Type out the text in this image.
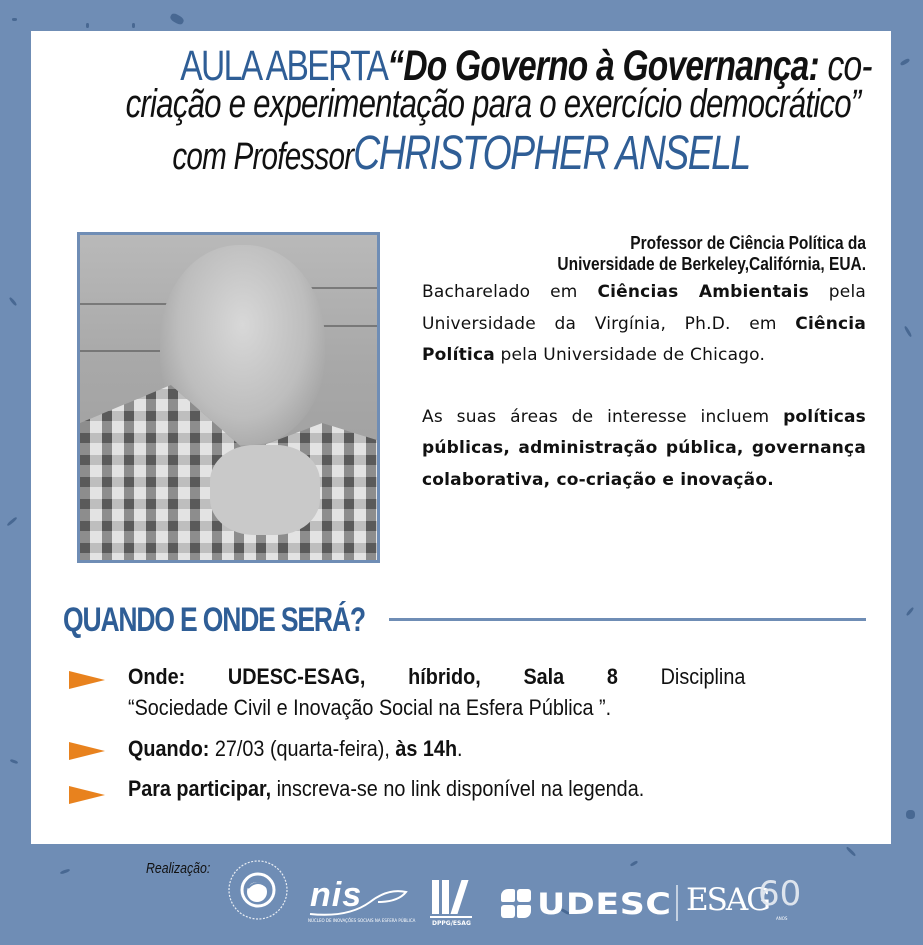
AULA ABERTA“Do Governo à Governança: co-
criação e experimentação para o exercício democrático”
com ProfessorCHRISTOPHER ANSELL
Professor de Ciência Política da
Universidade de Berkeley,Califórnia, EUA.

Bacharelado em Ciências Ambientais pela Universidade da Virgínia, Ph.D. em Ciência Política pela Universidade de Chicago.

As suas áreas de interesse incluem políticas públicas, administração pública, governança colaborativa, co-criação e inovação.

QUANDO E ONDE SERÁ?
Onde: UDESC-ESAG, híbrido, Sala 8 Disciplina
“Sociedade Civil e Inovação Social na Esfera Pública ”.
Quando: 27/03 (quarta-feira), às 14h.
Para participar, inscreva-se no link disponível na legenda.
Realização:
nis
NÚCLEO DE INOVAÇÕES SOCIAIS NA ESFERA PÚBLICA	DPPG/ESAG
UDESC ESAG
60
ANOS
